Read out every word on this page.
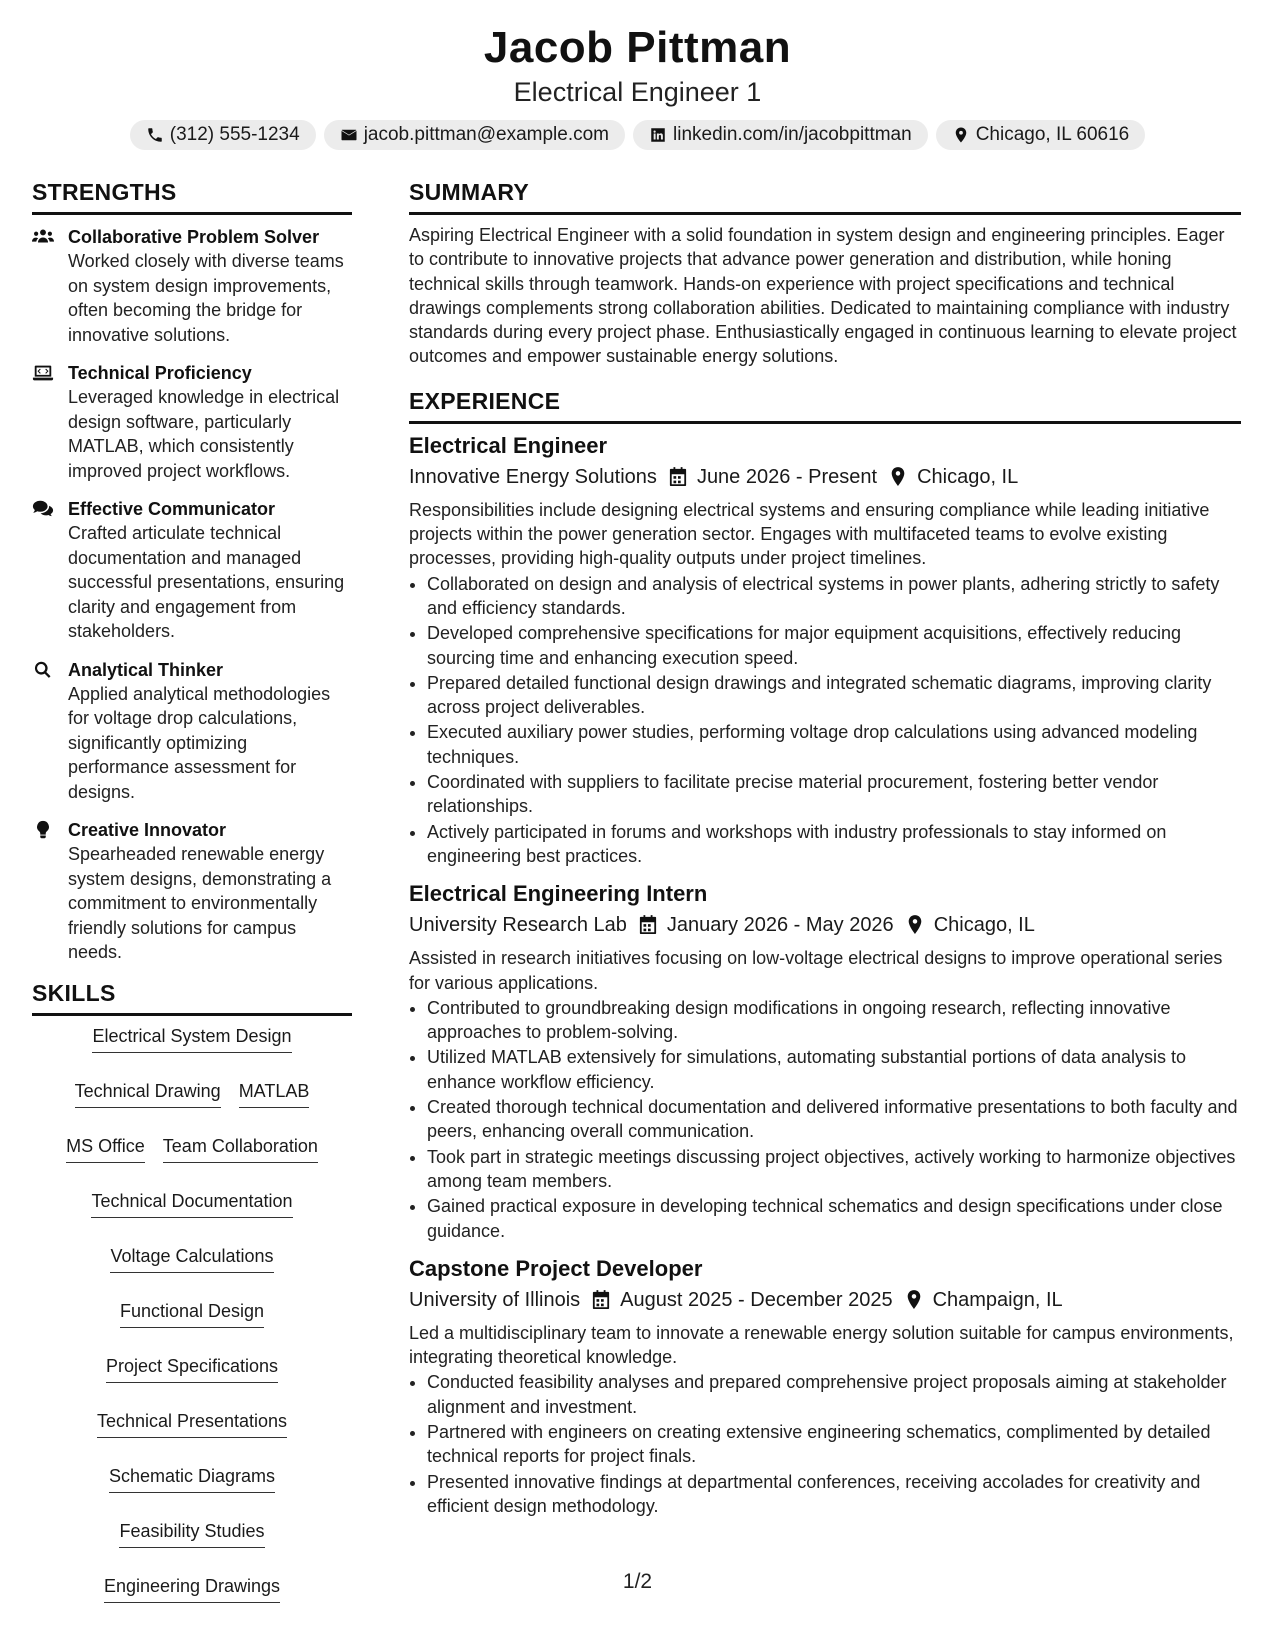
Jacob Pittman
Electrical Engineer 1
(312) 555-1234	jacob.pittman@example.com	linkedin.com/in/jacobpittman	Chicago, IL 60616
STRENGTHS
Collaborative Problem Solver
Worked closely with diverse teams on system design improvements, often becoming the bridge for innovative solutions.
Technical Proficiency
Leveraged knowledge in electrical design software, particularly MATLAB, which consistently improved project workflows.
Effective Communicator
Crafted articulate technical documentation and managed successful presentations, ensuring clarity and engagement from stakeholders.
Analytical Thinker
Applied analytical methodologies for voltage drop calculations, significantly optimizing performance assessment for designs.
Creative Innovator
Spearheaded renewable energy system designs, demonstrating a commitment to environmentally friendly solutions for campus needs.
SKILLS
Electrical System Design
Technical Drawing MATLAB
MS Office Team Collaboration
Technical Documentation
Voltage Calculations
Functional Design
Project Specifications
Technical Presentations
Schematic Diagrams
Feasibility Studies
Engineering Drawings
SUMMARY
Aspiring Electrical Engineer with a solid foundation in system design and engineering principles. Eager to contribute to innovative projects that advance power generation and distribution, while honing technical skills through teamwork. Hands-on experience with project specifications and technical drawings complements strong collaboration abilities. Dedicated to maintaining compliance with industry standards during every project phase. Enthusiastically engaged in continuous learning to elevate project outcomes and empower sustainable energy solutions.
EXPERIENCE
Electrical Engineer
Innovative Energy Solutions June 2026 - Present Chicago, IL
Responsibilities include designing electrical systems and ensuring compliance while leading initiative projects within the power generation sector. Engages with multifaceted teams to evolve existing processes, providing high-quality outputs under project timelines.
• Collaborated on design and analysis of electrical systems in power plants, adhering strictly to safety and efficiency standards.
• Developed comprehensive specifications for major equipment acquisitions, effectively reducing sourcing time and enhancing execution speed.
• Prepared detailed functional design drawings and integrated schematic diagrams, improving clarity across project deliverables.
• Executed auxiliary power studies, performing voltage drop calculations using advanced modeling techniques.
• Coordinated with suppliers to facilitate precise material procurement, fostering better vendor relationships.
• Actively participated in forums and workshops with industry professionals to stay informed on engineering best practices.
Electrical Engineering Intern
University Research Lab January 2026 - May 2026 Chicago, IL
Assisted in research initiatives focusing on low-voltage electrical designs to improve operational series for various applications.
• Contributed to groundbreaking design modifications in ongoing research, reflecting innovative approaches to problem-solving.
• Utilized MATLAB extensively for simulations, automating substantial portions of data analysis to enhance workflow efficiency.
• Created thorough technical documentation and delivered informative presentations to both faculty and peers, enhancing overall communication.
• Took part in strategic meetings discussing project objectives, actively working to harmonize objectives among team members.
• Gained practical exposure in developing technical schematics and design specifications under close guidance.
Capstone Project Developer
University of Illinois August 2025 - December 2025 Champaign, IL
Led a multidisciplinary team to innovate a renewable energy solution suitable for campus environments, integrating theoretical knowledge.
• Conducted feasibility analyses and prepared comprehensive project proposals aiming at stakeholder alignment and investment.
• Partnered with engineers on creating extensive engineering schematics, complimented by detailed technical reports for project finals.
• Presented innovative findings at departmental conferences, receiving accolades for creativity and efficient design methodology.
1/2
